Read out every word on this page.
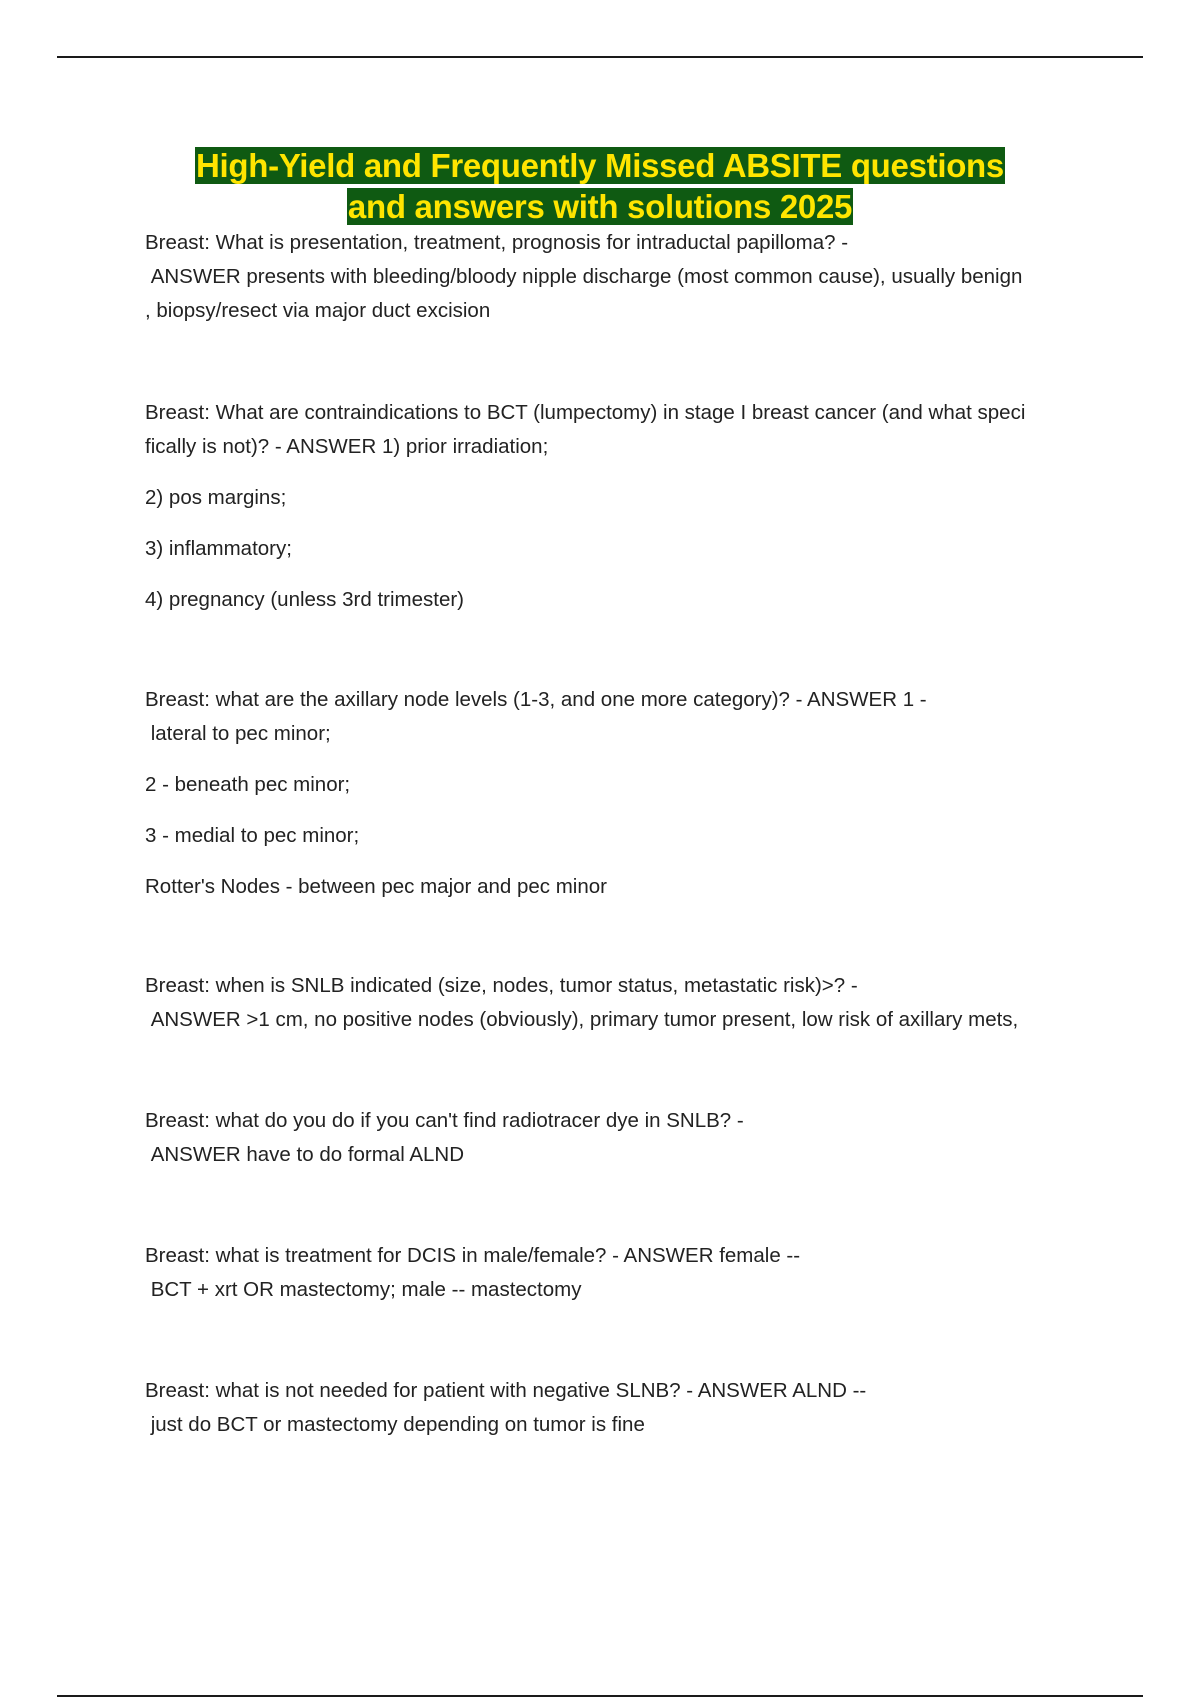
High-Yield and Frequently Missed ABSITE questions
and answers with solutions 2025

Breast: What is presentation, treatment, prognosis for intraductal papilloma? -

ANSWER presents with bleeding/bloody nipple discharge (most common cause), usually benign

, biopsy/resect via major duct excision

Breast: What are contraindications to BCT (lumpectomy) in stage I breast cancer (and what speci

fically is not)? - ANSWER 1) prior irradiation;

2) pos margins;

3) inflammatory;

4) pregnancy (unless 3rd trimester)

Breast: what are the axillary node levels (1-3, and one more category)? - ANSWER 1 -

lateral to pec minor;

2 - beneath pec minor;

3 - medial to pec minor;

Rotter's Nodes - between pec major and pec minor

Breast: when is SNLB indicated (size, nodes, tumor status, metastatic risk)>? -

ANSWER >1 cm, no positive nodes (obviously), primary tumor present, low risk of axillary mets,

Breast: what do you do if you can't find radiotracer dye in SNLB? -

ANSWER have to do formal ALND

Breast: what is treatment for DCIS in male/female? - ANSWER female --

BCT + xrt OR mastectomy; male -- mastectomy

Breast: what is not needed for patient with negative SLNB? - ANSWER ALND --

just do BCT or mastectomy depending on tumor is fine
